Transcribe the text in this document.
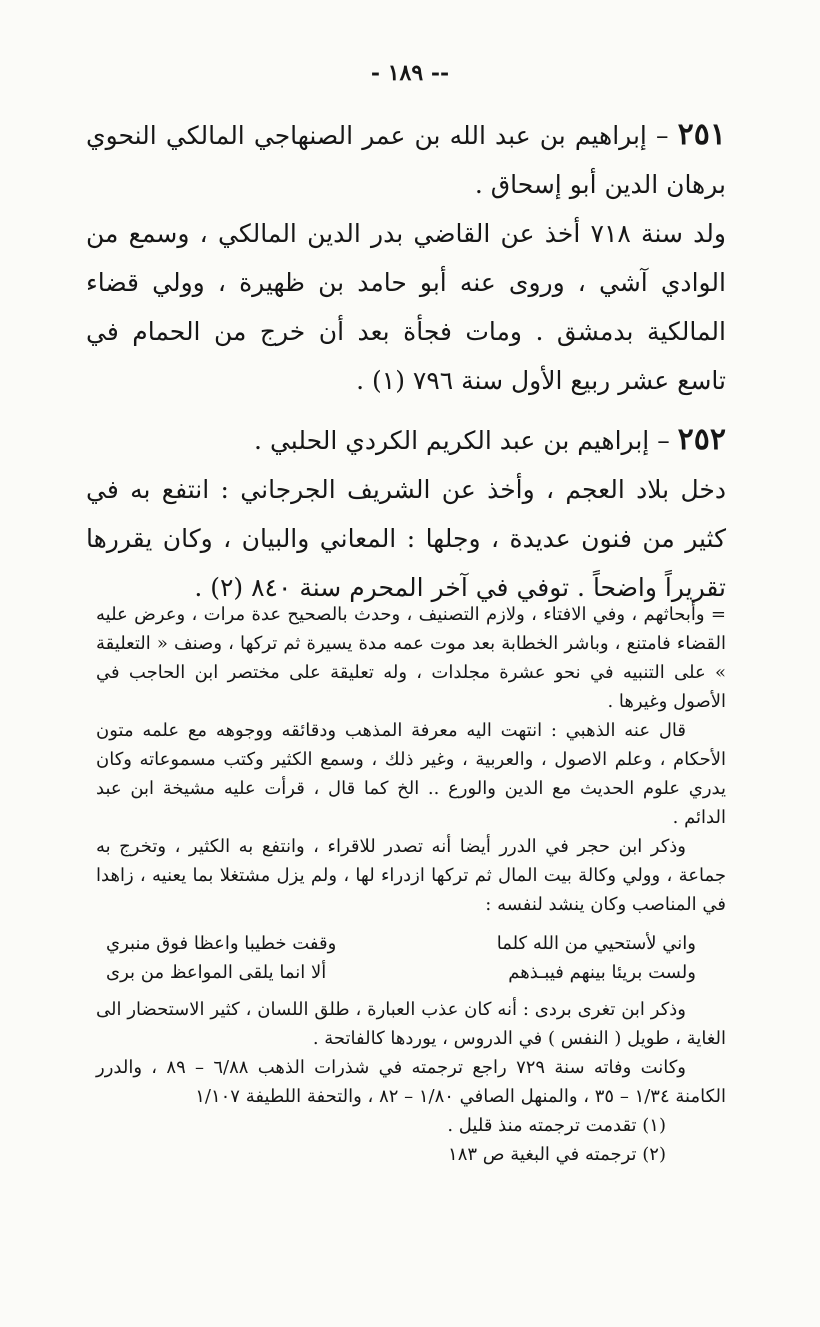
- ١٨٩ --

٢٥١ – إبراهيم بن عبد الله بن عمر الصنهاجي المالكي النحوي برهان الدين أبو إسحاق .

ولد سنة ٧١٨ أخذ عن القاضي بدر الدين المالكي ، وسمع من الوادي آشي ، وروى عنه أبو حامد بن ظهيرة ، وولي قضاء المالكية بدمشق . ومات فجأة بعد أن خرج من الحمام في تاسع عشر ربيع الأول سنة ٧٩٦ (١) .

٢٥٢ – إبراهيم بن عبد الكريم الكردي الحلبي .

دخل بلاد العجم ، وأخذ عن الشريف الجرجاني : انتفع به في كثير من فنون عديدة ، وجلها : المعاني والبيان ، وكان يقررها تقريراً واضحاً . توفي في آخر المحرم سنة ٨٤٠ (٢) .

= وأبحاثهم ، وفي الافتاء ، ولازم التصنيف ، وحدث بالصحيح عدة مرات ، وعرض عليه القضاء فامتنع ، وباشر الخطابة بعد موت عمه مدة يسيرة ثم تركها ، وصنف « التعليقة » على التنبيه في نحو عشرة مجلدات ، وله تعليقة على مختصر ابن الحاجب في الأصول وغيرها .

قال عنه الذهبي : انتهت اليه معرفة المذهب ودقائقه ووجوهه مع علمه متون الأحكام ، وعلم الاصول ، والعربية ، وغير ذلك ، وسمع الكثير وكتب مسموعاته وكان يدري علوم الحديث مع الدين والورع .. الخ كما قال ، قرأت عليه مشيخة ابن عبد الدائم .

وذكر ابن حجر في الدرر أيضا أنه تصدر للاقراء ، وانتفع به الكثير ، وتخرج به جماعة ، وولي وكالة بيت المال ثم تركها ازدراء لها ، ولم يزل مشتغلا بما يعنيه ، زاهدا في المناصب وكان ينشد لنفسه :

واني لأستحيي من الله كلما
وقفت خطيبا واعظا فوق منبري
ولست بريئا بينهم فيبـذهم
ألا انما يلقى المواعظ من برى

وذكر ابن تغرى بردى : أنه كان عذب العبارة ، طلق اللسان ، كثير الاستحضار الى الغاية ، طويل ( النفس ) في الدروس ، يوردها كالفاتحة .

وكانت وفاته سنة ٧٢٩ راجع ترجمته في شذرات الذهب ٦/٨٨ – ٨٩ ، والدرر الكامنة ١/٣٤ – ٣٥ ، والمنهل الصافي ١/٨٠ – ٨٢ ، والتحفة اللطيفة ١/١٠٧

(١) تقدمت ترجمته منذ قليل .

(٢) ترجمته في البغية ص ١٨٣
